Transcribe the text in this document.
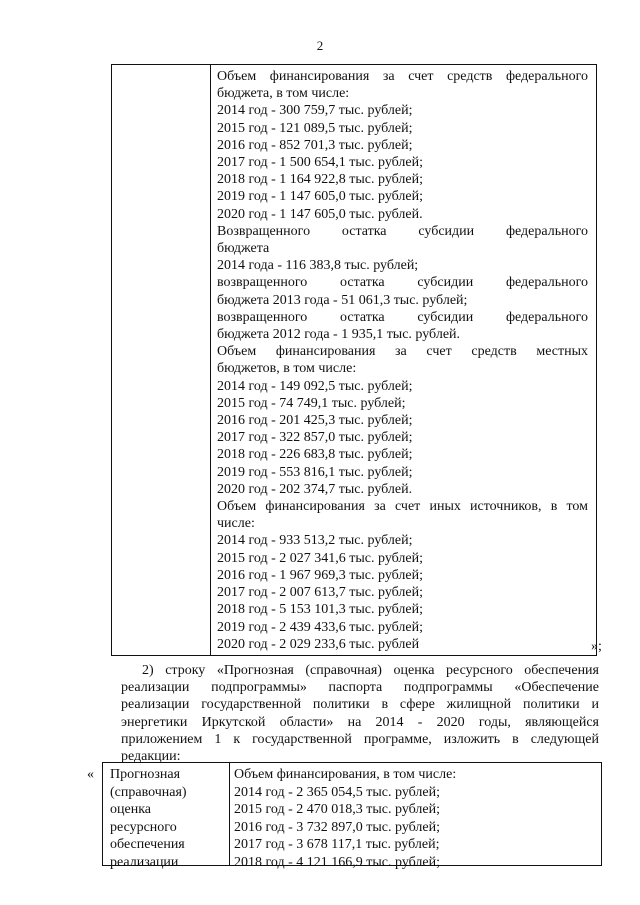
2
Объем финансирования за счет средств федерального
бюджета, в том числе:
2014 год - 300 759,7 тыс. рублей;
2015 год - 121 089,5 тыс. рублей;
2016 год - 852 701,3 тыс. рублей;
2017 год - 1 500 654,1 тыс. рублей;
2018 год - 1 164 922,8 тыс. рублей;
2019 год - 1 147 605,0 тыс. рублей;
2020 год - 1 147 605,0 тыс. рублей.
Возвращенного остатка субсидии федерального
бюджета
2014 года - 116 383,8 тыс. рублей;
возвращенного остатка субсидии федерального
бюджета 2013 года - 51 061,3 тыс. рублей;
возвращенного остатка субсидии федерального
бюджета 2012 года - 1 935,1 тыс. рублей.
Объем финансирования за счет средств местных
бюджетов, в том числе:
2014 год - 149 092,5 тыс. рублей;
2015 год - 74 749,1 тыс. рублей;
2016 год - 201 425,3 тыс. рублей;
2017 год - 322 857,0 тыс. рублей;
2018 год - 226 683,8 тыс. рублей;
2019 год - 553 816,1 тыс. рублей;
2020 год - 202 374,7 тыс. рублей.
Объем финансирования за счет иных источников, в том
числе:
2014 год - 933 513,2 тыс. рублей;
2015 год - 2 027 341,6 тыс. рублей;
2016 год - 1 967 969,3 тыс. рублей;
2017 год - 2 007 613,7 тыс. рублей;
2018 год - 5 153 101,3 тыс. рублей;
2019 год - 2 439 433,6 тыс. рублей;
2020 год - 2 029 233,6 тыс. рублей	»;
2) строку «Прогнозная (справочная) оценка ресурсного обеспечения
реализации подпрограммы» паспорта подпрограммы «Обеспечение
реализации государственной политики в сфере жилищной политики и
энергетики Иркутской области» на 2014 - 2020 годы, являющейся
приложением 1 к государственной программе, изложить в следующей
редакции:
« Прогнозная
(справочная)
оценка
ресурсного
обеспечения
реализации
Объем финансирования, в том числе:
2014 год - 2 365 054,5 тыс. рублей;
2015 год - 2 470 018,3 тыс. рублей;
2016 год - 3 732 897,0 тыс. рублей;
2017 год - 3 678 117,1 тыс. рублей;
2018 год - 4 121 166,9 тыс. рублей;
